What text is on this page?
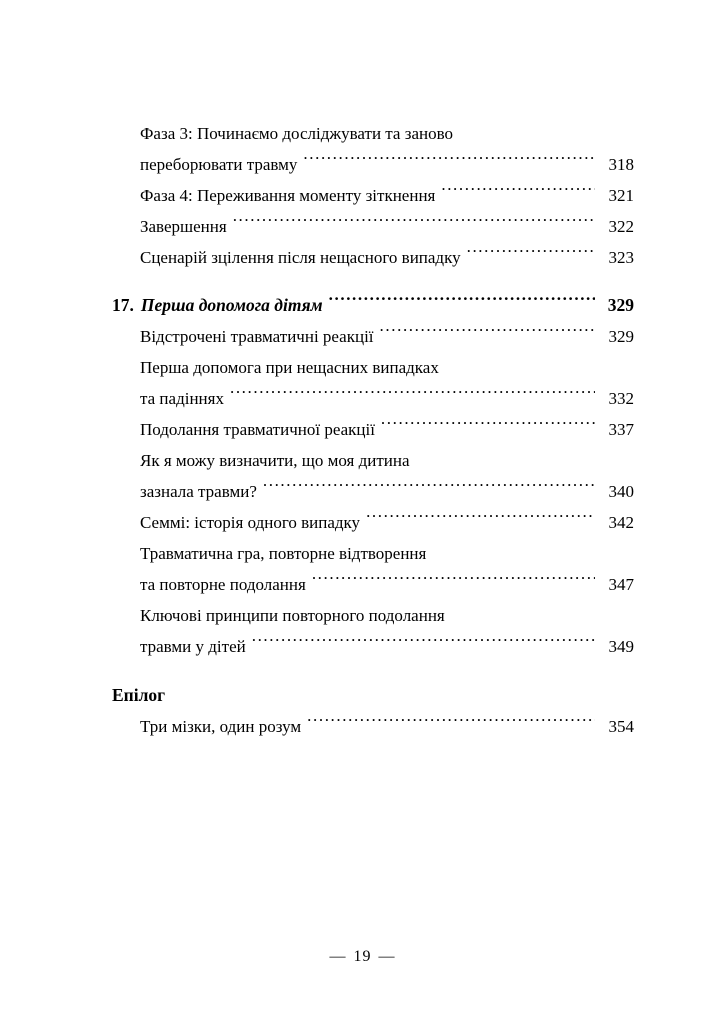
Фаза 3: Починаємо досліджувати та заново
переборювати травму .....	318
Фаза 4: Переживання моменту зіткнення .....	321
Завершення .....	322
Сценарій зцілення після нещасного випадку .....	323
17. Перша допомога дітям .....	329
Відстрочені травматичні реакції .....	329
Перша допомога при нещасних випадках
та падіннях .....	332
Подолання травматичної реакції .....	337
Як я можу визначити, що моя дитина
зазнала травми? .....	340
Семмі: історія одного випадку .....	342
Травматична гра, повторне відтворення
та повторне подолання .....	347
Ключові принципи повторного подолання
травми у дітей .....	349
Епілог
Три мізки, один розум .....	354
— 19 —
